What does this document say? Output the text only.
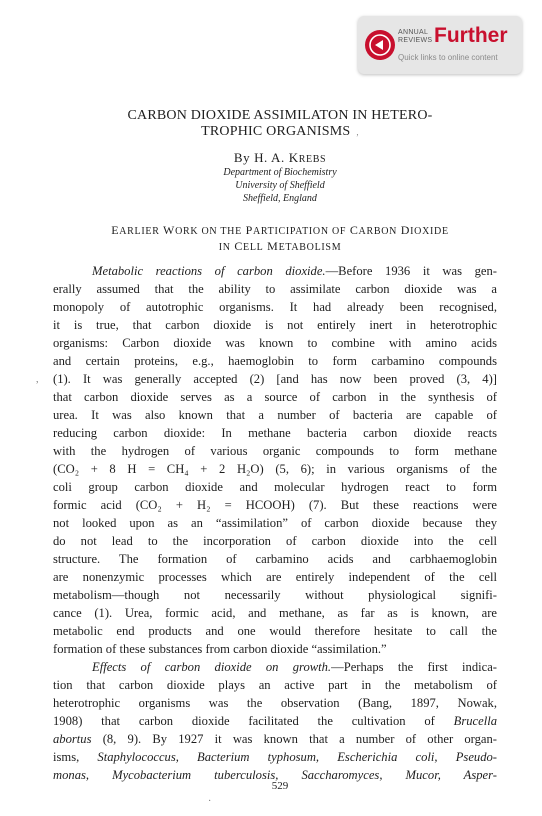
ANNUAL
REVIEWS Further
Quick links to online content
CARBON DIOXIDE ASSIMILATON IN HETERO-
TROPHIC ORGANISMS ,
By H. A. KREBS
Department of Biochemistry
University of Sheffield
Sheffield, England
EARLIER WORK ON THE PARTICIPATION OF CARBON DIOXIDE
IN CELL METABOLISM
Metabolic reactions of carbon dioxide.—Before 1936 it was gen-
erally assumed that the ability to assimilate carbon dioxide was a
monopoly of autotrophic organisms. It had already been recognised,
it is true, that carbon dioxide is not entirely inert in heterotrophic
organisms: Carbon dioxide was known to combine with amino acids
and certain proteins, e.g., haemoglobin to form carbamino compounds
(1). It was generally accepted (2) [and has now been proved (3, 4)]
that carbon dioxide serves as a source of carbon in the synthesis of
urea. It was also known that a number of bacteria are capable of
reducing carbon dioxide: In methane bacteria carbon dioxide reacts
with the hydrogen of various organic compounds to form methane
(CO₂ + 8 H = CH₄ + 2 H₂O) (5, 6); in various organisms of the
coli group carbon dioxide and molecular hydrogen react to form
formic acid (CO₂ + H₂ = HCOOH) (7). But these reactions were
not looked upon as an “assimilation” of carbon dioxide because they
do not lead to the incorporation of carbon dioxide into the cell
structure. The formation of carbamino acids and carbhaemoglobin
are nonenzymic processes which are entirely independent of the cell
metabolism—though not necessarily without physiological signifi-
cance (1). Urea, formic acid, and methane, as far as is known, are
metabolic end products and one would therefore hesitate to call the
formation of these substances from carbon dioxide “assimilation.”
Effects of carbon dioxide on growth.—Perhaps the first indica-
tion that carbon dioxide plays an active part in the metabolism of
heterotrophic organisms was the observation (Bang, 1897, Nowak,
1908) that carbon dioxide facilitated the cultivation of Brucella
abortus (8, 9). By 1927 it was known that a number of other organ-
isms, Staphylococcus, Bacterium typhosum, Escherichia coli, Pseudo-
monas, Mycobacterium tuberculosis, Saccharomyces, Mucor, Asper-
529
,
·
